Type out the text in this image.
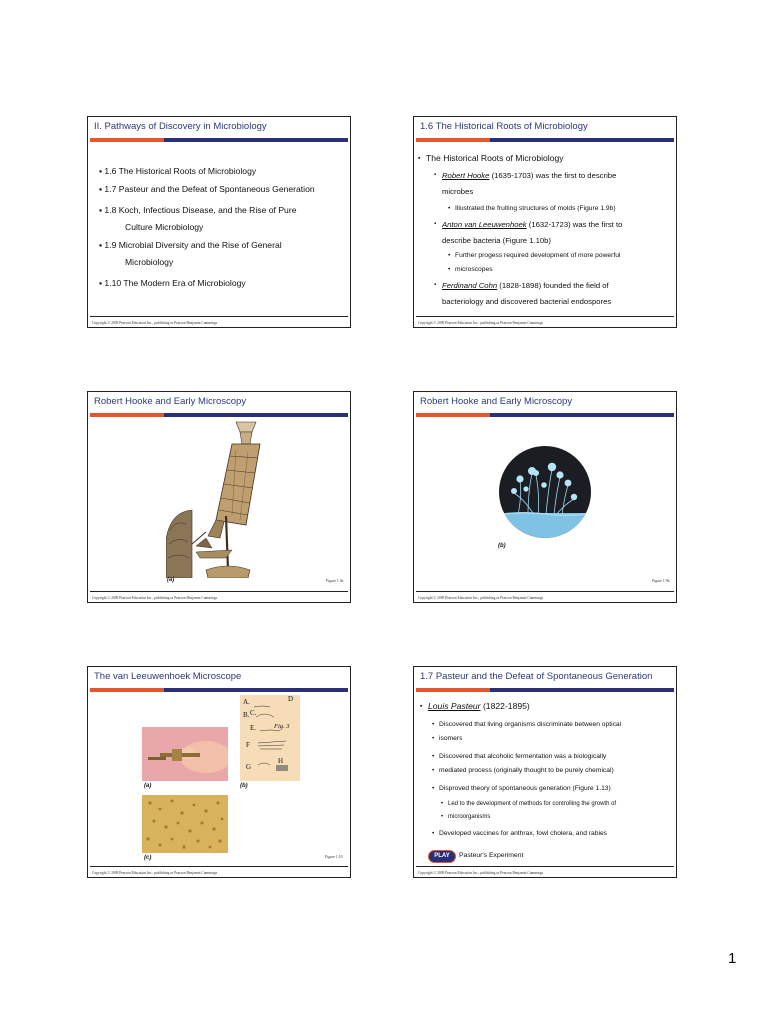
II. Pathways of Discovery in Microbiology
▪ 1.6 The Historical Roots of Microbiology
▪ 1.7 Pasteur and the Defeat of Spontaneous Generation
▪ 1.8 Koch, Infectious Disease, and the Rise of Pure
Culture Microbiology
▪ 1.9 Microbial Diversity and the Rise of General
Microbiology
▪ 1.10 The Modern Era of Microbiology
Copyright © 2009 Pearson Education Inc., publishing as Pearson Benjamin Cummings
1.6 The Historical Roots of Microbiology
▪ The Historical Roots of Microbiology
▪ Robert Hooke (1635-1703) was the first to describe
microbes
• Illustrated the fruiting structures of molds (Figure 1.9b)
▪ Anton van Leeuwenhoek (1632-1723) was the first to
describe bacteria (Figure 1.10b)
• Further progess required development of more powerful
• microscopes
▪ Ferdinand Cohn (1828-1898) founded the field of
bacteriology and discovered bacterial endospores
Copyright © 2009 Pearson Education Inc., publishing as Pearson Benjamin Cummings
Robert Hooke and Early Microscopy
(a)	Figure 1.9a
Copyright © 2009 Pearson Education Inc., publishing as Pearson Benjamin Cummings
Robert Hooke and Early Microscopy
(b)
Figure 1.9b
Copyright © 2009 Pearson Education Inc., publishing as Pearson Benjamin Cummings
The van Leeuwenhoek Microscope
(a)
A.	D
B. C.
E.	Fig. 3
F
H
G
(b)
(c)	Figure 1.10
Copyright © 2009 Pearson Education Inc., publishing as Pearson Benjamin Cummings
1.7 Pasteur and the Defeat of Spontaneous Generation
▪ Louis Pasteur (1822-1895)
• Discovered that living organisms discriminate between optical
• isomers
• Discovered that alcoholic fermentation was a biologically
• mediated process (originally thought to be purely chemical)
• Disproved theory of spontaneous generation (Figure 1.13)
• Led to the development of methods for controlling the growth of
• microorganisms
• Developed vaccines for anthrax, fowl cholera, and rabies
PLAY	Pasteur's Experiment
Copyright © 2009 Pearson Education Inc., publishing as Pearson Benjamin Cummings
1
